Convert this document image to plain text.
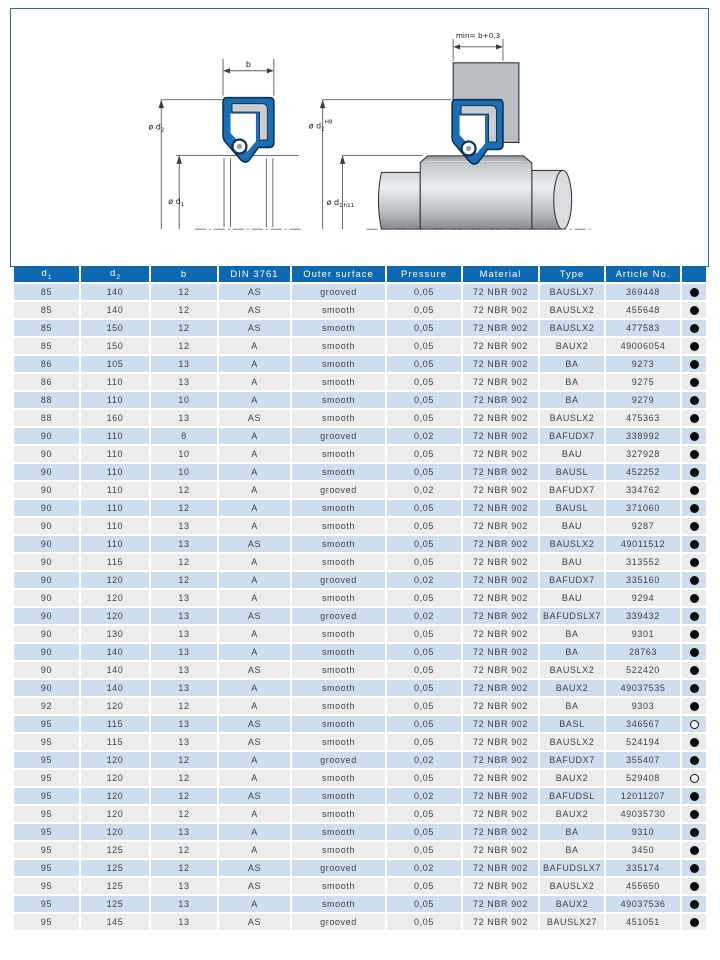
b
ø $d_2$
ø $d_1$
min= b+0,3
ø $d_2^{H8}$
ø $d_1h11$
$d_1$	$d_2$	b	DIN 3761	Outer surface	Pressure	Material	Type	Article No.	
85	140	12	AS	grooved	0,05	72 NBR 902	BAUSLX7	369448	
85	140	12	AS	smooth	0,05	72 NBR 902	BAUSLX2	455648	
85	150	12	AS	smooth	0,05	72 NBR 902	BAUSLX2	477583	
85	150	12	A	smooth	0,05	72 NBR 902	BAUX2	49006054	
86	105	13	A	smooth	0,05	72 NBR 902	BA	9273	
86	110	13	A	smooth	0,05	72 NBR 902	BA	9275	
88	110	10	A	smooth	0,05	72 NBR 902	BA	9279	
88	160	13	AS	smooth	0,05	72 NBR 902	BAUSLX2	475363	
90	110	8	A	grooved	0,02	72 NBR 902	BAFUDX7	338992	
90	110	10	A	smooth	0,05	72 NBR 902	BAU	327928	
90	110	10	A	smooth	0,05	72 NBR 902	BAUSL	452252	
90	110	12	A	grooved	0,02	72 NBR 902	BAFUDX7	334762	
90	110	12	A	smooth	0,05	72 NBR 902	BAUSL	371060	
90	110	13	A	smooth	0,05	72 NBR 902	BAU	9287	
90	110	13	AS	smooth	0,05	72 NBR 902	BAUSLX2	49011512	
90	115	12	A	smooth	0,05	72 NBR 902	BAU	313552	
90	120	12	A	grooved	0,02	72 NBR 902	BAFUDX7	335160	
90	120	13	A	smooth	0,05	72 NBR 902	BAU	9294	
90	120	13	AS	grooved	0,02	72 NBR 902	BAFUDSLX7	339432	
90	130	13	A	smooth	0,05	72 NBR 902	BA	9301	
90	140	13	A	smooth	0,05	72 NBR 902	BA	28763	
90	140	13	AS	smooth	0,05	72 NBR 902	BAUSLX2	522420	
90	140	13	A	smooth	0,05	72 NBR 902	BAUX2	49037535	
92	120	12	A	smooth	0,05	72 NBR 902	BA	9303	
95	115	13	AS	smooth	0,05	72 NBR 902	BASL	346567	
95	115	13	AS	smooth	0,05	72 NBR 902	BAUSLX2	524194	
95	120	12	A	grooved	0,02	72 NBR 902	BAFUDX7	355407	
95	120	12	A	smooth	0,05	72 NBR 902	BAUX2	529408	
95	120	12	AS	smooth	0,02	72 NBR 902	BAFUDSL	12011207	
95	120	12	A	smooth	0,05	72 NBR 902	BAUX2	49035730	
95	120	13	A	smooth	0,05	72 NBR 902	BA	9310	
95	125	12	A	smooth	0,05	72 NBR 902	BA	3450	
95	125	12	AS	grooved	0,02	72 NBR 902	BAFUDSLX7	335174	
95	125	13	AS	smooth	0,05	72 NBR 902	BAUSLX2	455650	
95	125	13	A	smooth	0,05	72 NBR 902	BAUX2	49037536	
95	145	13	AS	grooved	0,05	72 NBR 902	BAUSLX27	451051	
